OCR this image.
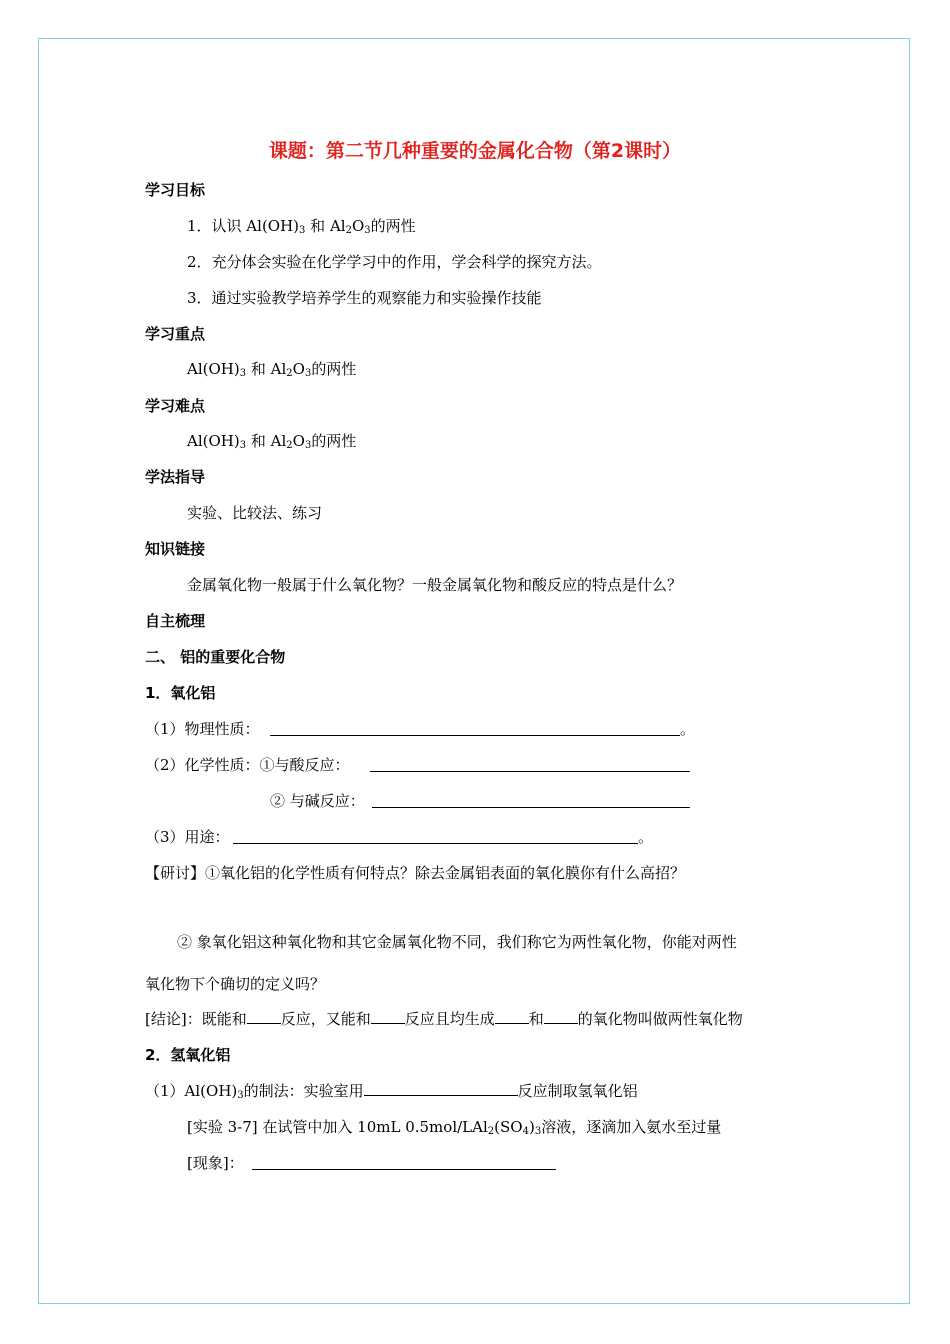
课题：第二节几种重要的金属化合物（第2课时）
学习目标
1．认识 $Al(OH)_3$ 和 $Al_2O_3$的两性
2．充分体会实验在化学学习中的作用，学会科学的探究方法。
3．通过实验教学培养学生的观察能力和实验操作技能
学习重点
$Al(OH)_3$ 和 $Al_2O_3$的两性
学习难点
$Al(OH)_3$ 和 $Al_2O_3$的两性
学法指导
实验、比较法、练习
知识链接
金属氧化物一般属于什么氧化物？一般金属氧化物和酸反应的特点是什么？
自主梳理
二、 铝的重要化合物
1．氧化铝
（1）物理性质：	。
（2）化学性质：①与酸反应：
② 与碱反应：
（3）用途：	。
【研讨】①氧化铝的化学性质有何特点？除去金属铝表面的氧化膜你有什么高招？
② 象氧化铝这种氧化物和其它金属氧化物不同，我们称它为两性氧化物，你能对两性
氧化物下个确切的定义吗？
[结论]：既能和 反应，又能和 反应且均生成 和 的氧化物叫做两性氧化物
2．氢氧化铝
$(1)Al(OH)_3$的制法：实验室用	反应制取氢氧化铝
[实验 3-7] 在试管中加入 10mL $0.5mol/LAl_2(SO_4)_3$溶液，逐滴加入氨水至过量
[现象]：
